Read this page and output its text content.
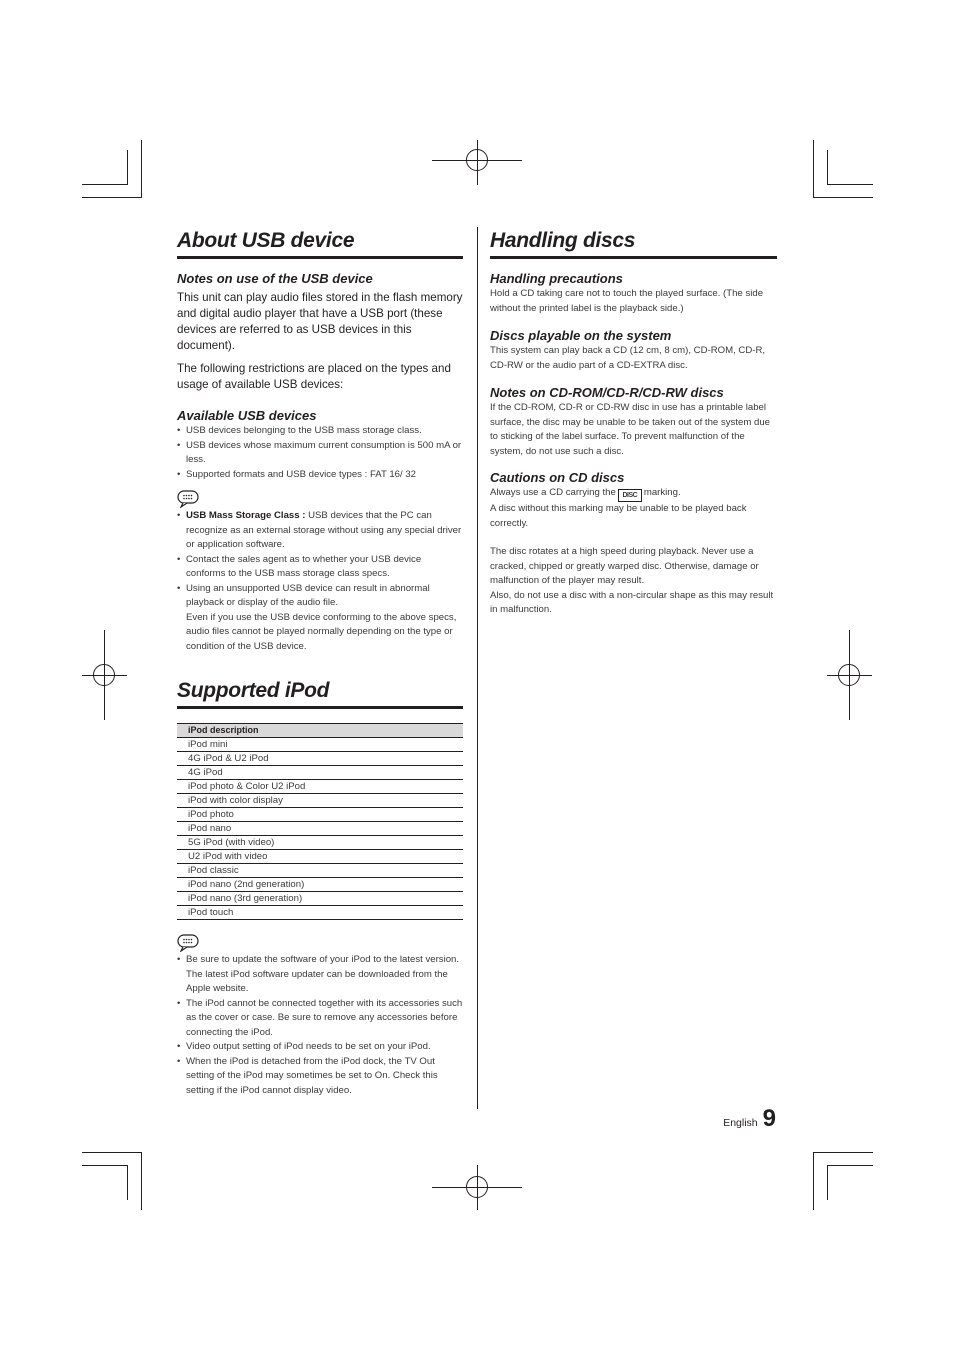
About USB device
Notes on use of the USB device

This unit can play audio files stored in the flash memory and digital audio player that have a USB port (these devices are referred to as USB devices in this document).

The following restrictions are placed on the types and usage of available USB devices:

Available USB devices
• USB devices belonging to the USB mass storage class.
• USB devices whose maximum current consumption is 500 mA or less.
• Supported formats and USB device types : FAT 16/ 32
• USB Mass Storage Class : USB devices that the PC can recognize as an external storage without using any special driver or application software.
• Contact the sales agent as to whether your USB device conforms to the USB mass storage class specs.
• Using an unsupported USB device can result in abnormal playback or display of the audio file.
Even if you use the USB device conforming to the above specs, audio files cannot be played normally depending on the type or condition of the USB device.
Supported iPod
iPod description
iPod mini
4G iPod & U2 iPod
4G iPod
iPod photo & Color U2 iPod
iPod with color display
iPod photo
iPod nano
5G iPod (with video)
U2 iPod with video
iPod classic
iPod nano (2nd generation)
iPod nano (3rd generation)
iPod touch
• Be sure to update the software of your iPod to the latest version. The latest iPod software updater can be downloaded from the Apple website.
• The iPod cannot be connected together with its accessories such as the cover or case. Be sure to remove any accessories before connecting the iPod.
• Video output setting of iPod needs to be set on your iPod.
• When the iPod is detached from the iPod dock, the TV Out setting of the iPod may sometimes be set to On. Check this setting if the iPod cannot display video.
Handling discs
Handling precautions

Hold a CD taking care not to touch the played surface. (The side without the printed label is the playback side.)

Discs playable on the system

This system can play back a CD (12 cm, 8 cm), CD-ROM, CD-R, CD-RW or the audio part of a CD-EXTRA disc.

Notes on CD-ROM/CD-R/CD-RW discs

If the CD-ROM, CD-R or CD-RW disc in use has a printable label surface, the disc may be unable to be taken out of the system due to sticking of the label surface. To prevent malfunction of the system, do not use such a disc.

Cautions on CD discs

Always use a CD carrying the DISC marking.

A disc without this marking may be unable to be played back correctly.

The disc rotates at a high speed during playback. Never use a cracked, chipped or greatly warped disc. Otherwise, damage or malfunction of the player may result.

Also, do not use a disc with a non-circular shape as this may result in malfunction.

English 9
